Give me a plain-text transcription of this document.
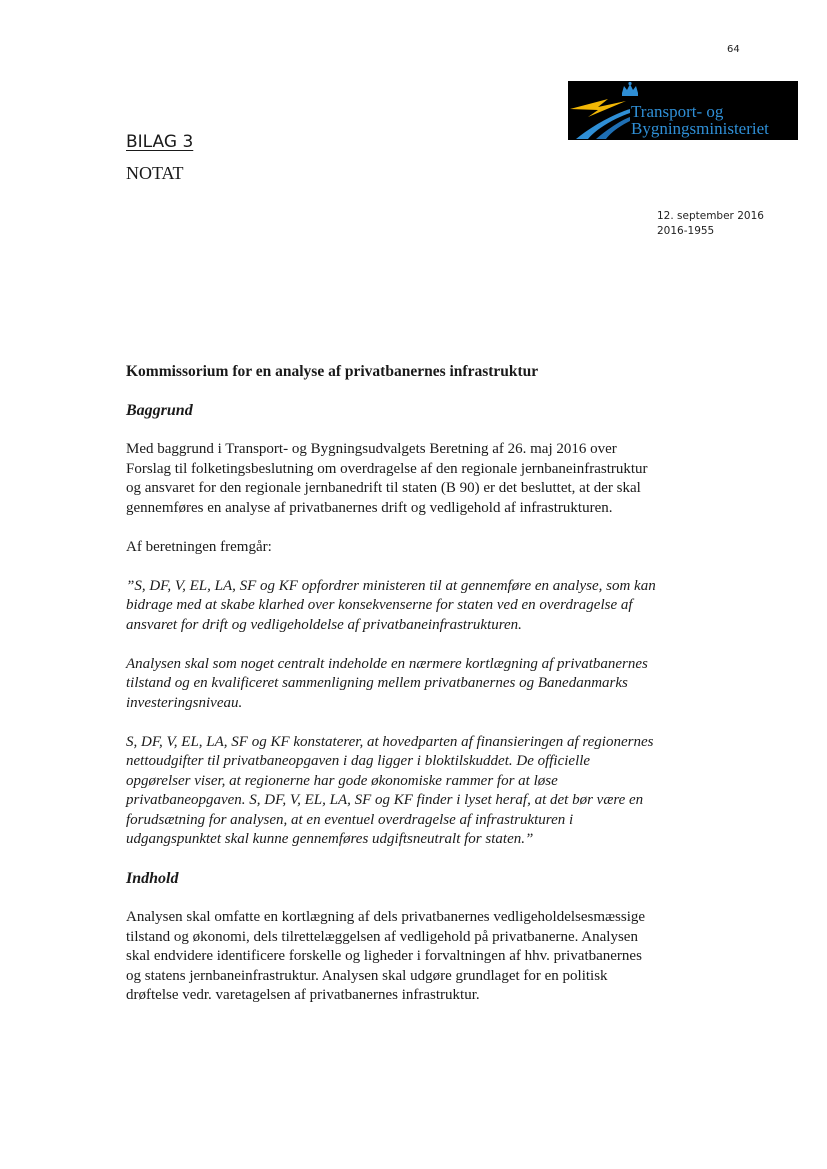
64
Transport- og
Bygningsministeriet
BILAG 3
NOTAT
12. september 2016
2016-1955
Kommissorium for en analyse af privatbanernes infrastruktur
Baggrund

Med baggrund i Transport- og Bygningsudvalgets Beretning af 26. maj 2016 over Forslag til folketingsbeslutning om overdragelse af den regionale jernbaneinfrastruktur og ansvaret for den regionale jernbanedrift til staten (B 90) er det besluttet, at der skal gennemføres en analyse af privatbanernes drift og vedligehold af infrastrukturen.

Af beretningen fremgår:

”S, DF, V, EL, LA, SF og KF opfordrer ministeren til at gennemføre en analyse, som kan bidrage med at skabe klarhed over konsekvenserne for staten ved en overdragelse af ansvaret for drift og vedligeholdelse af privatbaneinfrastrukturen.

Analysen skal som noget centralt indeholde en nærmere kortlægning af privatbanernes tilstand og en kvalificeret sammenligning mellem privatbanernes og Banedanmarks investeringsniveau.

S, DF, V, EL, LA, SF og KF konstaterer, at hovedparten af finansieringen af regionernes nettoudgifter til privatbaneopgaven i dag ligger i bloktilskuddet. De officielle opgørelser viser, at regionerne har gode økonomiske rammer for at løse privatbaneopgaven. S, DF, V, EL, LA, SF og KF finder i lyset heraf, at det bør være en forudsætning for analysen, at en eventuel overdragelse af infrastrukturen i udgangspunktet skal kunne gennemføres udgiftsneutralt for staten.”

Indhold

Analysen skal omfatte en kortlægning af dels privatbanernes vedligeholdelsesmæssige tilstand og økonomi, dels tilrettelæggelsen af vedligehold på privatbanerne. Analysen skal endvidere identificere forskelle og ligheder i forvaltningen af hhv. privatbanernes og statens jernbaneinfrastruktur. Analysen skal udgøre grundlaget for en politisk drøftelse vedr. varetagelsen af privatbanernes infrastruktur.
